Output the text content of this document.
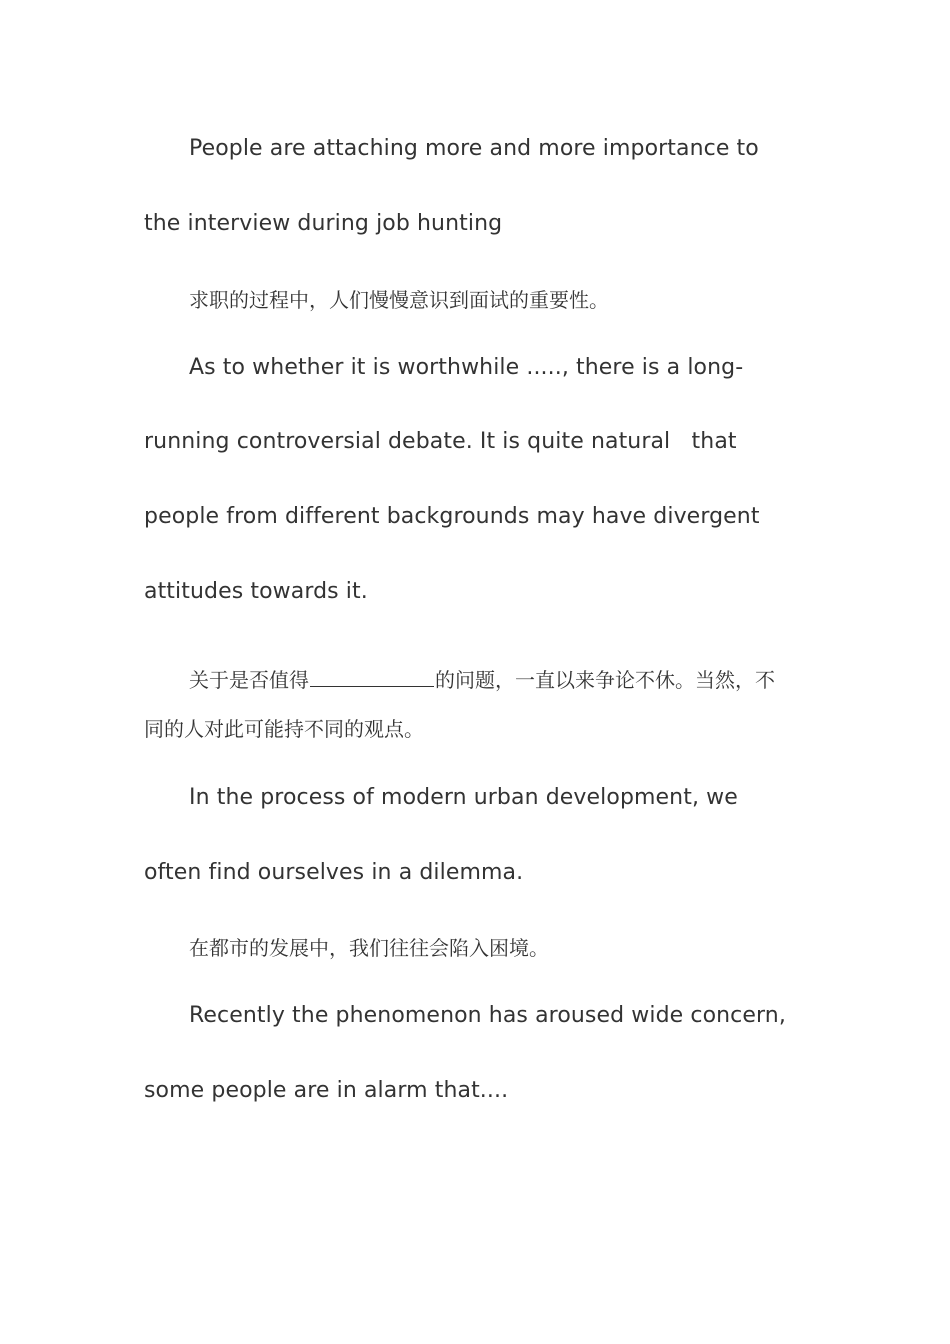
People are attaching more and more importance to
the interview during job hunting
求职的过程中，人们慢慢意识到面试的重要性。
As to whether it is worthwhile ....., there is a long-
running controversial debate. It is quite natural   that
people from different backgrounds may have divergent
attitudes towards it.
关于是否值得	的问题，一直以来争论不休。当然，不
同的人对此可能持不同的观点。
In the process of modern urban development, we
often find ourselves in a dilemma.
在都市的发展中，我们往往会陷入困境。
Recently the phenomenon has aroused wide concern,
some people are in alarm that....
